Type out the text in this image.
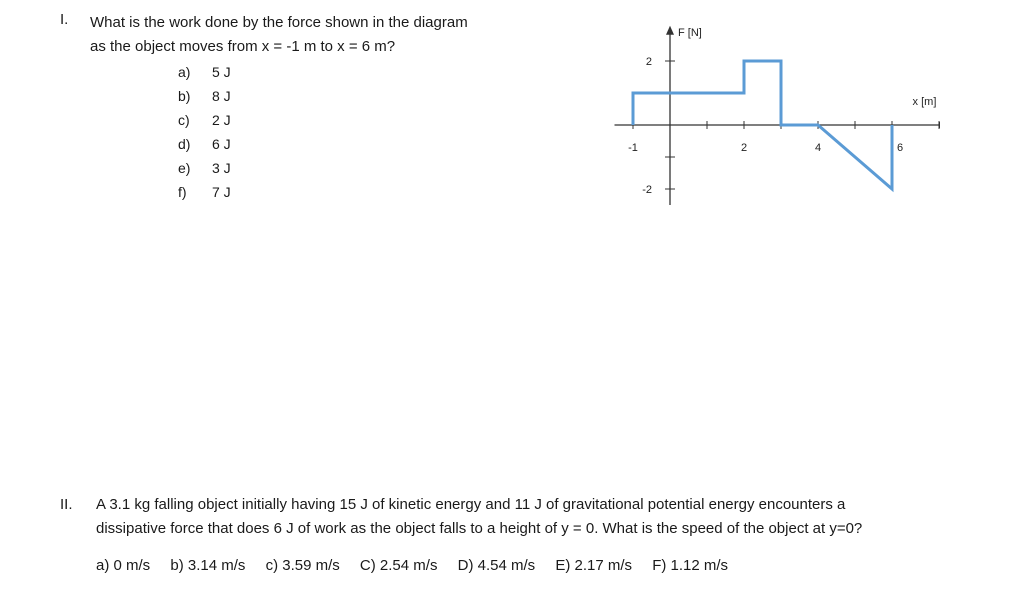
I. What is the work done by the force shown in the diagram
as the object moves from x = -1 m to x = 6 m?
a) 5 J
b) 8 J
c) 2 J
d) 6 J
e) 3 J
f) 7 J
-1	2	4	6
2
-2
F [N]
x [m]
II. A 3.1 kg falling object initially having 15 J of kinetic energy and 11 J of gravitational potential energy encounters a
dissipative force that does 6 J of work as the object falls to a height of y = 0. What is the speed of the object at y=0?
a) 0 m/s b) 3.14 m/s c) 3.59 m/s C) 2.54 m/s D) 4.54 m/s E) 2.17 m/s F) 1.12 m/s
